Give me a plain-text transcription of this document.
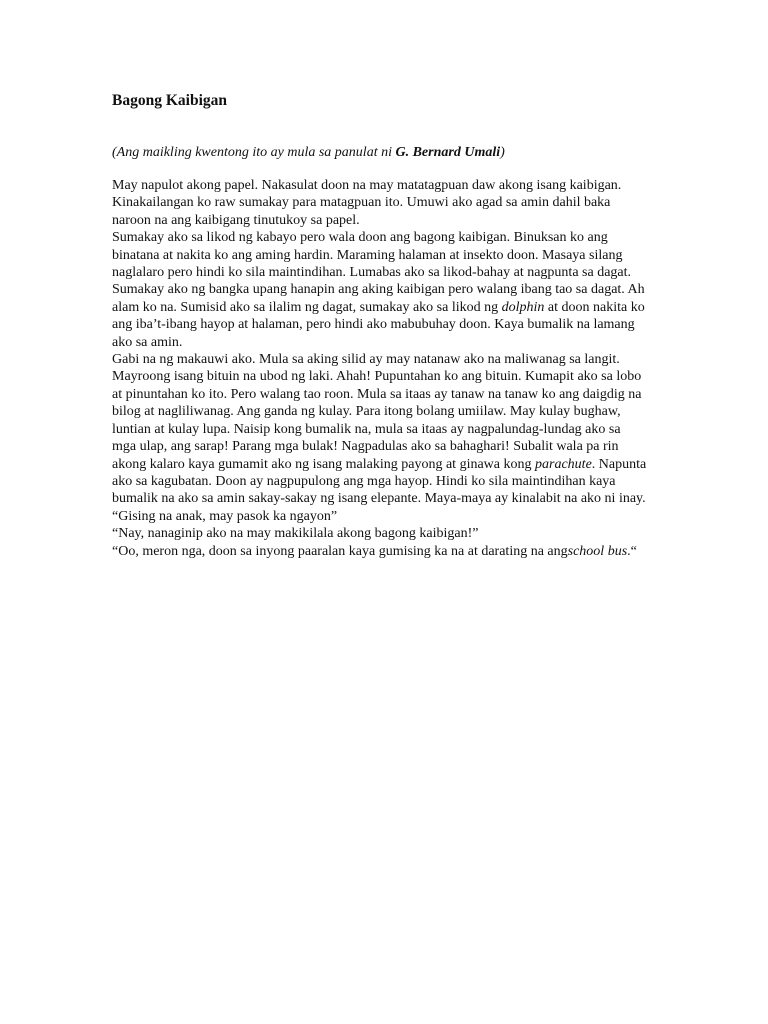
Bagong Kaibigan
(Ang maikling kwentong ito ay mula sa panulat ni G. Bernard Umali)

May napulot akong papel. Nakasulat doon na may matatagpuan daw akong isang kaibigan. Kinakailangan ko raw sumakay para matagpuan ito. Umuwi ako agad sa amin dahil baka naroon na ang kaibigang tinutukoy sa papel.

Sumakay ako sa likod ng kabayo pero wala doon ang bagong kaibigan. Binuksan ko ang binatana at nakita ko ang aming hardin. Maraming halaman at insekto doon. Masaya silang naglalaro pero hindi ko sila maintindihan. Lumabas ako sa likod-bahay at nagpunta sa dagat. Sumakay ako ng bangka upang hanapin ang aking kaibigan pero walang ibang tao sa dagat. Ah alam ko na. Sumisid ako sa ilalim ng dagat, sumakay ako sa likod ng dolphin at doon nakita ko ang iba’t-ibang hayop at halaman, pero hindi ako mabubuhay doon. Kaya bumalik na lamang ako sa amin.

Gabi na ng makauwi ako. Mula sa aking silid ay may natanaw ako na maliwanag sa langit. Mayroong isang bituin na ubod ng laki. Ahah! Pupuntahan ko ang bituin. Kumapit ako sa lobo at pinuntahan ko ito. Pero walang tao roon. Mula sa itaas ay tanaw na tanaw ko ang daigdig na bilog at nagliliwanag. Ang ganda ng kulay. Para itong bolang umiilaw. May kulay bughaw, luntian at kulay lupa. Naisip kong bumalik na, mula sa itaas ay nagpalundag-lundag ako sa mga ulap, ang sarap! Parang mga bulak! Nagpadulas ako sa bahaghari! Subalit wala pa rin akong kalaro kaya gumamit ako ng isang malaking payong at ginawa kong parachute. Napunta ako sa kagubatan. Doon ay nagpupulong ang mga hayop. Hindi ko sila maintindihan kaya bumalik na ako sa amin sakay-sakay ng isang elepante. Maya-maya ay kinalabit na ako ni inay.

“Gising na anak, may pasok ka ngayon”

“Nay, nanaginip ako na may makikilala akong bagong kaibigan!”

“Oo, meron nga, doon sa inyong paaralan kaya gumising ka na at darating na angschool bus.“
